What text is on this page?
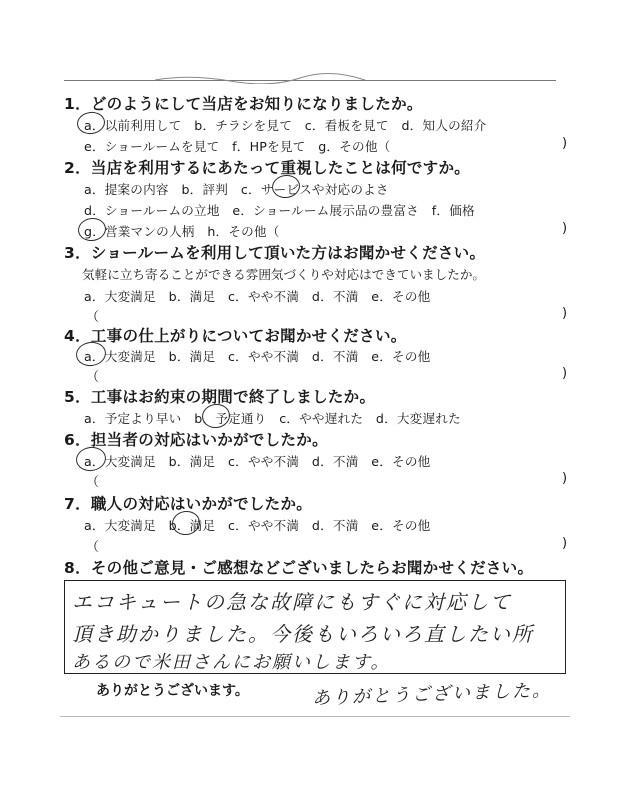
1．どのようにして当店をお知りになりましたか。
a．以前利用して　b．チラシを見て　c．看板を見て　d．知人の紹介
e．ショールームを見て　f．HPを見て　g．その他（	)
2．当店を利用するにあたって重視したことは何ですか。
a．提案の内容　b．評判　c．サービスや対応のよさ
d．ショールームの立地　e．ショールーム展示品の豊富さ　f．価格
g．営業マンの人柄　h．その他（	)
3．ショールームを利用して頂いた方はお聞かせください。
気軽に立ち寄ることができる雰囲気づくりや対応はできていましたか。
a．大変満足　b．満足　c．やや不満　d．不満　e．その他
（	)
4．工事の仕上がりについてお聞かせください。
a．大変満足　b．満足　c．やや不満　d．不満　e．その他
（	)
5．工事はお約束の期間で終了しましたか。
a．予定より早い　b．予定通り　c．やや遅れた　d．大変遅れた
6．担当者の対応はいかがでしたか。
a．大変満足　b．満足　c．やや不満　d．不満　e．その他
（	)
7．職人の対応はいかがでしたか。
a．大変満足　b．満足　c．やや不満　d．不満　e．その他
（	)
8．その他ご意見・ご感想などございましたらお聞かせください。
エコキュートの急な故障にもすぐに対応して
頂き助かりました。今後もいろいろ直したい所
あるので米田さんにお願いします。
ありがとうございます。	ありがとうございました。
